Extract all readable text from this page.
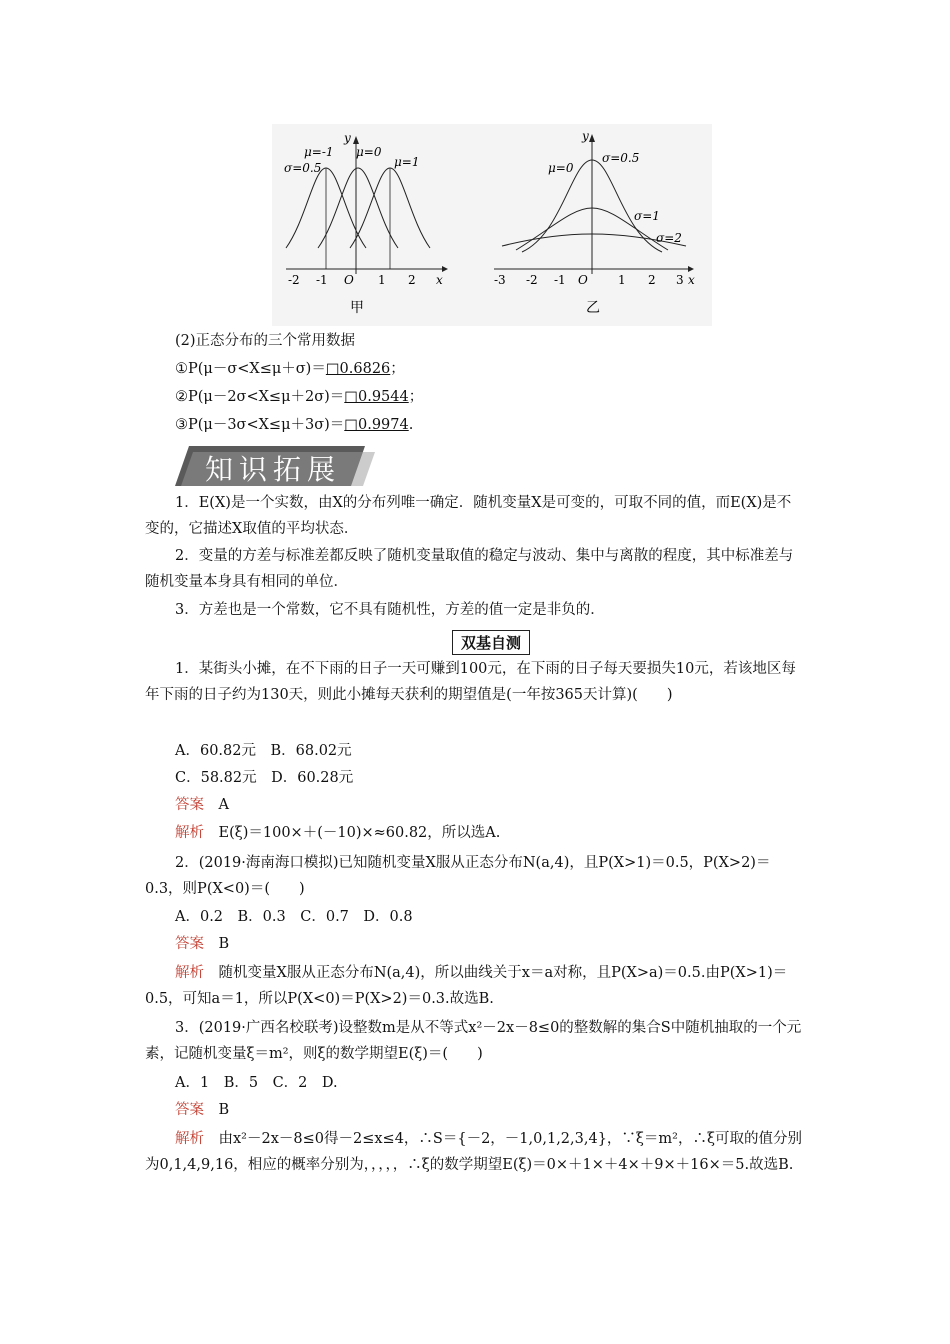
μ=-1 μ=0
μ=1
σ=0.5
y
x
O
-2 -1	1 2
甲
μ=0
σ=0.5
σ=1
σ=2
y
x
O
-3 -2 -1	1 2 3
乙
(2)正态分布的三个常用数据
①P(μ－σ<X≤μ＋σ)＝□0.6826；
②P(μ－2σ<X≤μ＋2σ)＝□0.9544；
③P(μ－3σ<X≤μ＋3σ)＝□0.9974.
知识拓展
1．E(X)是一个实数，由X的分布列唯一确定．随机变量X是可变的，可取不同的值，而E(X)是不变的，它描述X取值的平均状态．
2．变量的方差与标准差都反映了随机变量取值的稳定与波动、集中与离散的程度，其中标准差与随机变量本身具有相同的单位．
3．方差也是一个常数，它不具有随机性，方差的值一定是非负的．
双基自测
1．某街头小摊，在不下雨的日子一天可赚到100元，在下雨的日子每天要损失10元，若该地区每年下雨的日子约为130天，则此小摊每天获利的期望值是(一年按365天计算)(　　)
A．60.82元　B．68.02元
C．58.82元　D．60.28元
答案　 A
解析　 E(ξ)＝100×＋(－10)×≈60.82，所以选A.
2．(2019·海南海口模拟)已知随机变量X服从正态分布N(a,4)，且P(X>1)＝0.5，P(X>2)＝0.3，则P(X<0)＝(　　)
A．0.2　B．0.3　C．0.7　D．0.8
答案　 B
解析　 随机变量X服从正态分布N(a,4)，所以曲线关于x＝a对称，且P(X>a)＝0.5.由P(X>1)＝0.5，可知a＝1，所以P(X<0)＝P(X>2)＝0.3.故选B.
3．(2019·广西名校联考)设整数m是从不等式x²－2x－8≤0的整数解的集合S中随机抽取的一个元素，记随机变量ξ＝m²，则ξ的数学期望E(ξ)＝(　　)
A．1　B．5　C．2　D.
答案　 B
解析　 由x²－2x－8≤0得－2≤x≤4，∴S＝{－2，－1,0,1,2,3,4}，∵ξ＝m²，∴ξ可取的值分别为0,1,4,9,16，相应的概率分别为，，，，，∴ξ的数学期望E(ξ)＝0×＋1×＋4×＋9×＋16×＝5.故选B.
